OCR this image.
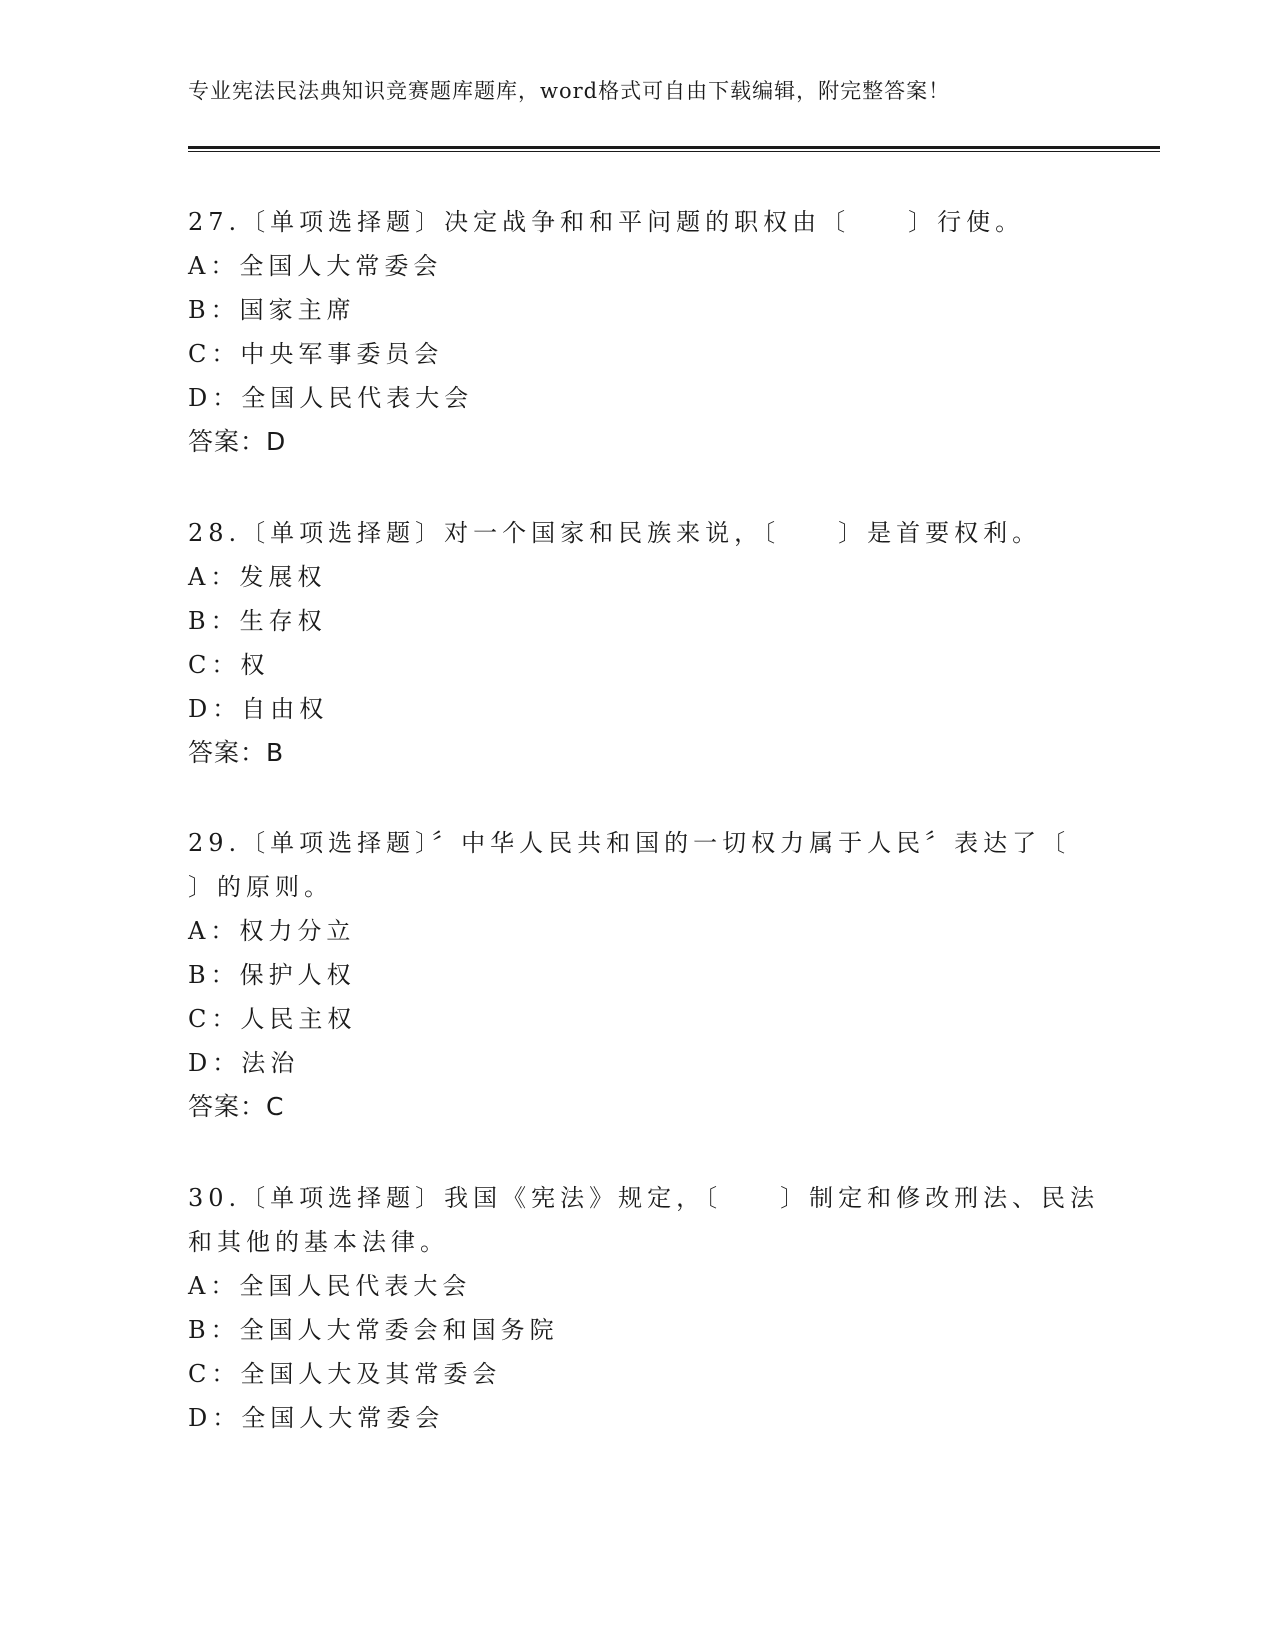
专业宪法民法典知识竞赛题库题库，word格式可自由下载编辑，附完整答案！
27.〔单项选择题〕决定战争和和平问题的职权由〔　　〕行使。
A：全国人大常委会
B：国家主席
C：中央军事委员会
D：全国人民代表大会
答案：D
28.〔单项选择题〕对一个国家和民族来说，〔　　〕是首要权利。
A：发展权
B：生存权
C：权
D：自由权
答案：B
29.〔单项选择题〕〞中华人民共和国的一切权力属于人民〞表达了〔
〕的原则。
A：权力分立
B：保护人权
C：人民主权
D：法治
答案：C
30.〔单项选择题〕我国《宪法》规定，〔　　〕制定和修改刑法、民法
和其他的基本法律。
A：全国人民代表大会
B：全国人大常委会和国务院
C：全国人大及其常委会
D：全国人大常委会
